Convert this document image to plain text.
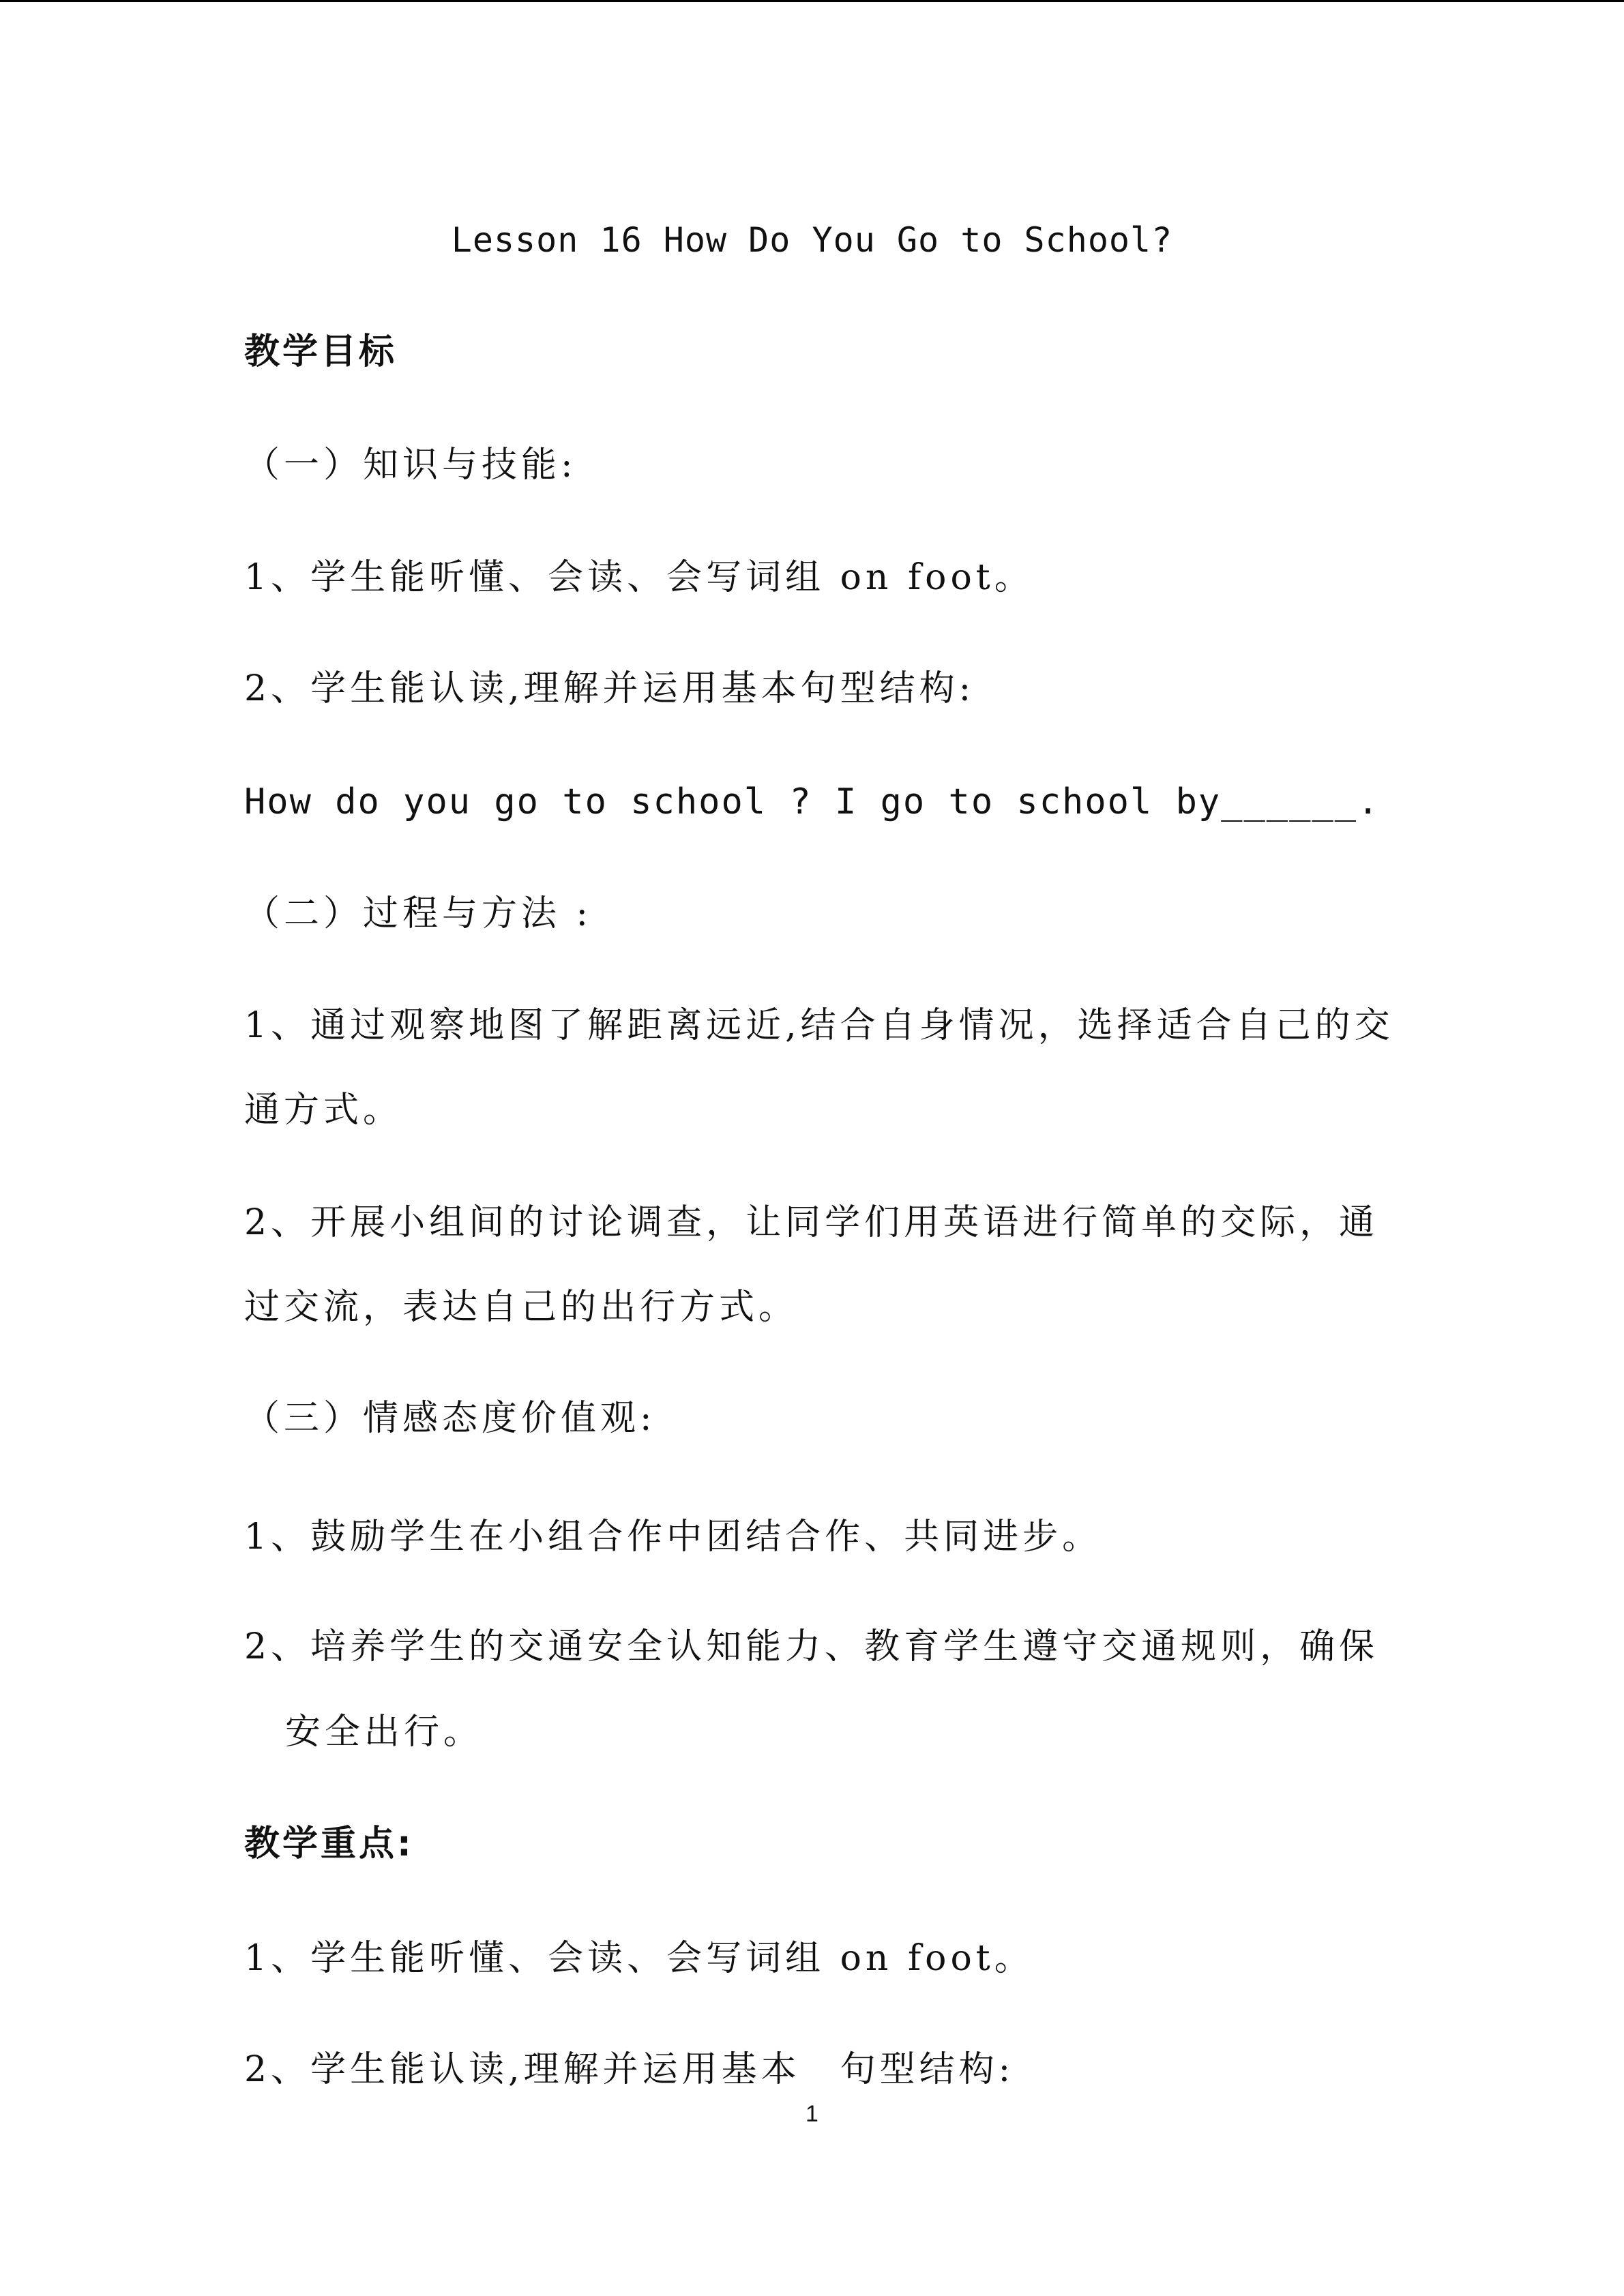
Lesson 16 How Do You Go to School?
教学目标
（一）知识与技能:
1、学生能听懂、会读、会写词组 on foot。
2、学生能认读,理解并运用基本句型结构:
How do you go to school ? I go to school by______.
（二）过程与方法 :
1、通过观察地图了解距离远近,结合自身情况，选择适合自己的交
通方式。
2、开展小组间的讨论调查，让同学们用英语进行简单的交际，通
过交流，表达自己的出行方式。
（三）情感态度价值观:
1、鼓励学生在小组合作中团结合作、共同进步。
2、培养学生的交通安全认知能力、教育学生遵守交通规则，确保
安全出行。
教学重点:
1、学生能听懂、会读、会写词组 on foot。
2、学生能认读,理解并运用基本　句型结构:
1
